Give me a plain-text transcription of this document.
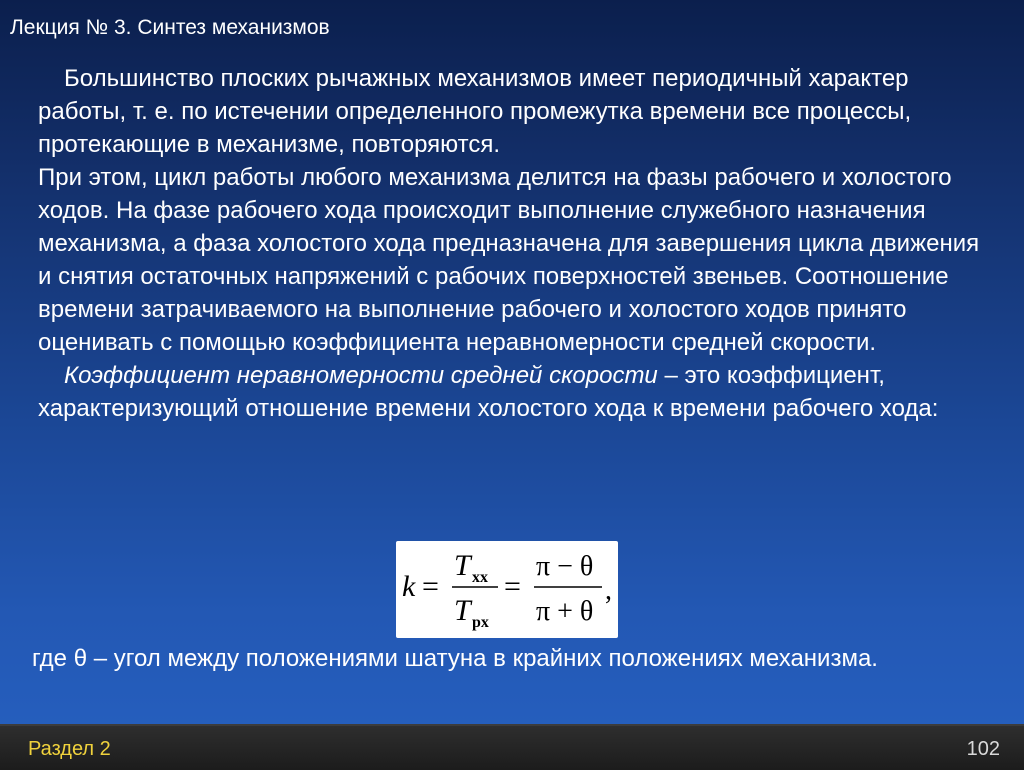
Лекция № 3. Синтез механизмов

Большинство плоских рычажных механизмов имеет периодичный характер работы, т. е. по истечении определенного промежутка времени все процессы, протекающие в механизме, повторяются.

При этом, цикл работы любого механизма делится на фазы рабочего и холостого ходов. На фазе рабочего хода происходит выполнение служебного назначения механизма, а фаза холостого хода предназначена для завершения цикла движения и снятия остаточных напряжений с рабочих поверхностей звеньев. Соотношение времени затрачиваемого на выполнение рабочего и холостого ходов принято оценивать с помощью коэффициента неравномерности средней скорости.

Коэффициент неравномерности средней скорости – это коэффициент, характеризующий отношение времени холостого хода к времени рабочего хода:

k =
T хх
T рх
=
π − θ
π + θ
,

где θ – угол между положениями шатуна в крайних положениях механизма.

Раздел 2	102
